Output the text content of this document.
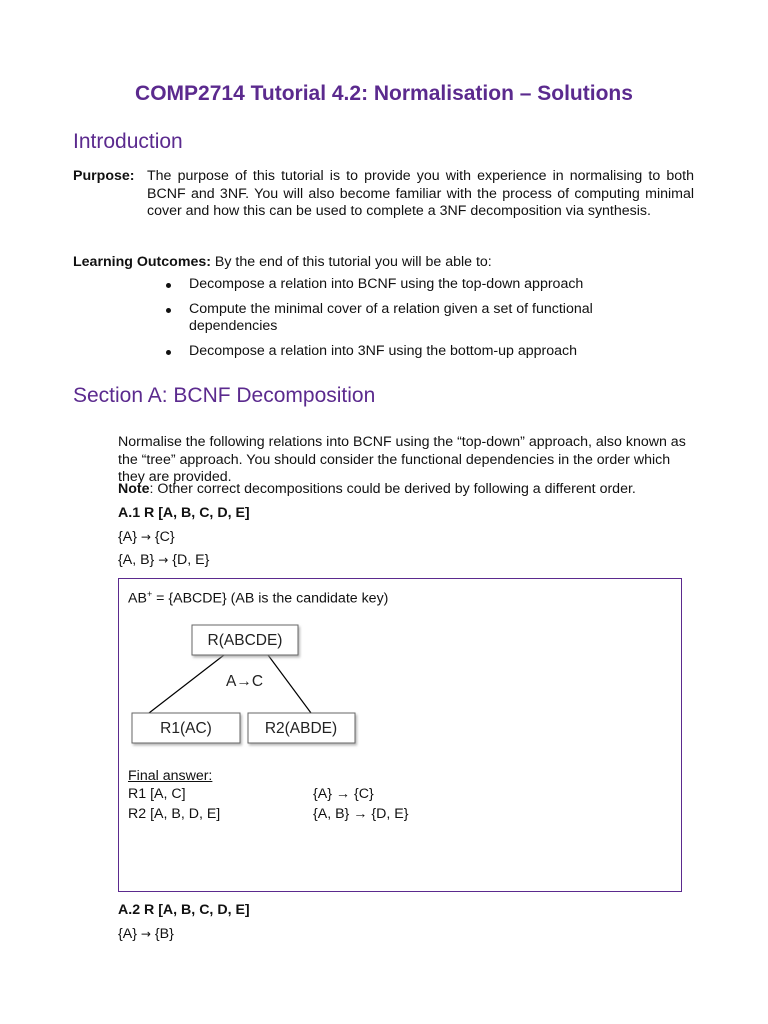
COMP2714 Tutorial 4.2: Normalisation – Solutions
Introduction
Purpose: The purpose of this tutorial is to provide you with experience in normalising to both BCNF and 3NF. You will also become familiar with the process of computing minimal cover and how this can be used to complete a 3NF decomposition via synthesis.
Learning Outcomes: By the end of this tutorial you will be able to:
Decompose a relation into BCNF using the top-down approach
Compute the minimal cover of a relation given a set of functional dependencies
Decompose a relation into 3NF using the bottom-up approach
Section A: BCNF Decomposition
Normalise the following relations into BCNF using the “top-down” approach, also known as the “tree” approach. You should consider the functional dependencies in the order which they are provided.
Note: Other correct decompositions could be derived by following a different order.
A.1 R [A, B, C, D, E]
{A} → {C}
{A, B} → {D, E}
AB+ = {ABCDE} (AB is the candidate key)
R(ABCDE)
A→C
R1(AC)	R2(ABDE)
Final answer:
R1 [A, C]	{A} → {C}
R2 [A, B, D, E]	{A, B} → {D, E}
A.2 R [A, B, C, D, E]
{A} → {B}
